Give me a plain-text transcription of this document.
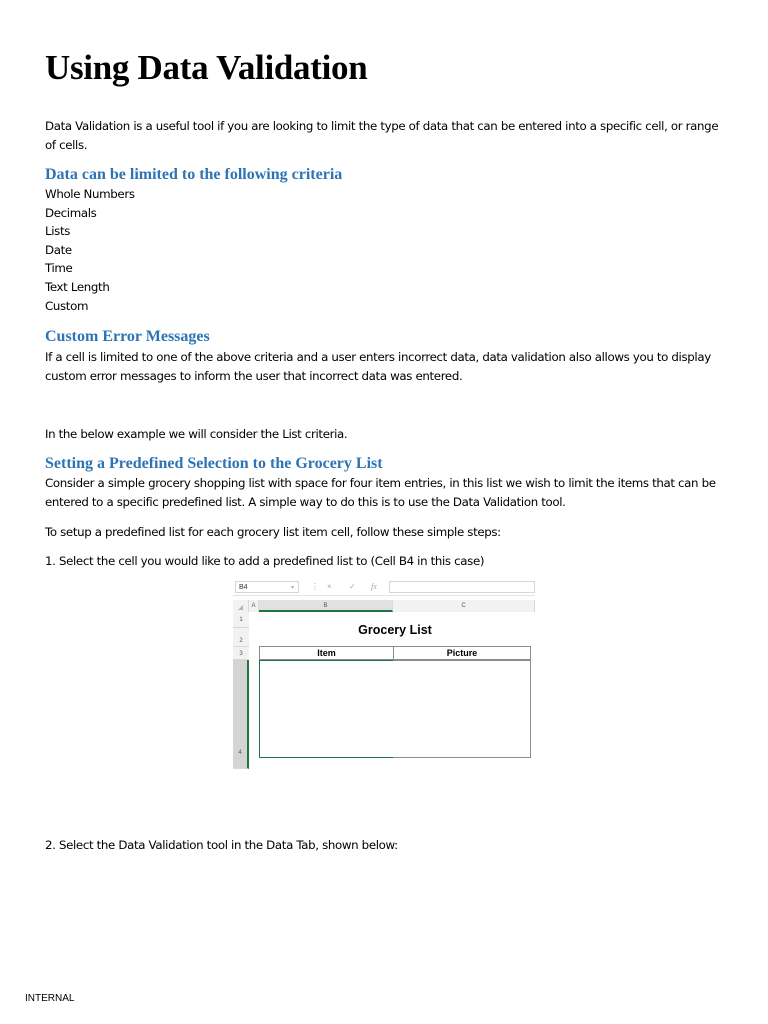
Using Data Validation

Data Validation is a useful tool if you are looking to limit the type of data that can be entered into a specific cell, or range of cells.

Data can be limited to the following criteria
Whole Numbers
Decimals
Lists
Date
Time
Text Length
Custom
Custom Error Messages

If a cell is limited to one of the above criteria and a user enters incorrect data, data validation also allows you to display custom error messages to inform the user that incorrect data was entered.

In the below example we will consider the List criteria.

Setting a Predefined Selection to the Grocery List

Consider a simple grocery shopping list with space for four item entries, in this list we wish to limit the items that can be entered to a specific predefined list. A simple way to do this is to use the Data Validation tool.

To setup a predefined list for each grocery list item cell, follow these simple steps:

1. Select the cell you would like to add a predefined list to (Cell B4 in this case)

2. Select the Data Validation tool in the Data Tab, shown below:

B4	▾ ⋮ × ✓ fx
A	B	C
1
2
3
4
Grocery List
Item	Picture
INTERNAL
